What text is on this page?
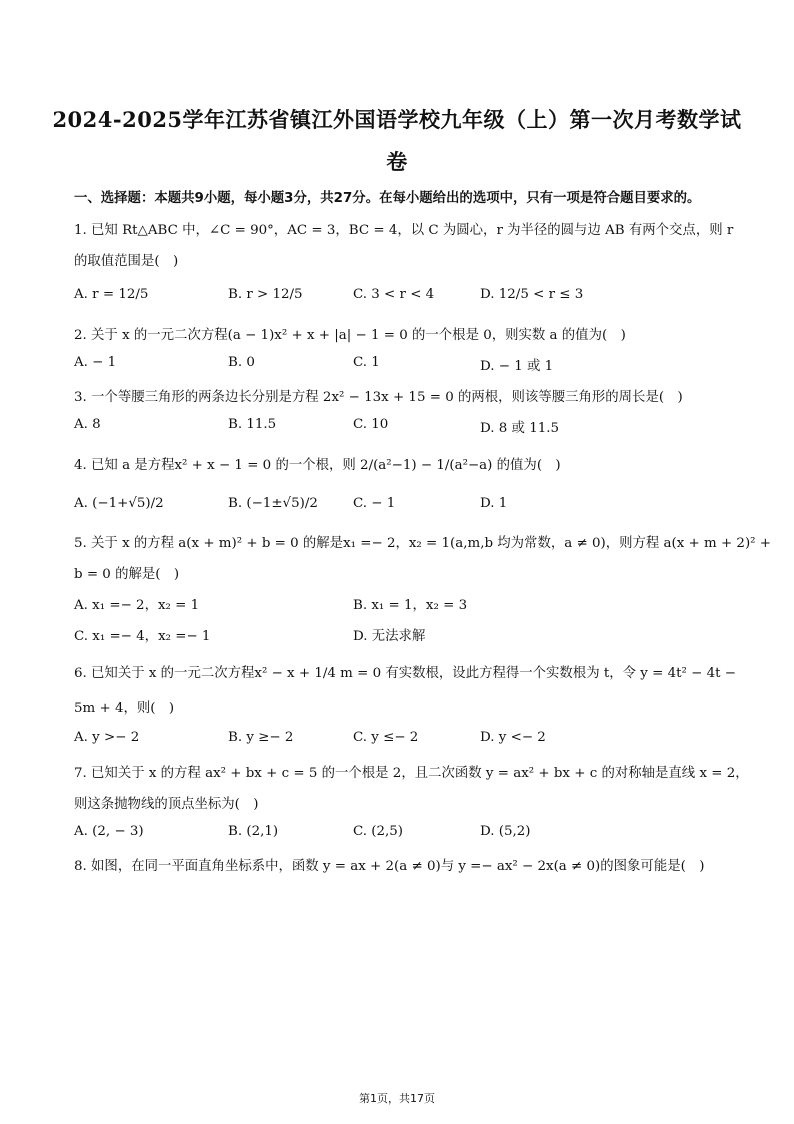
2024-2025学年江苏省镇江外国语学校九年级（上）第一次月考数学试
卷
一、选择题：本题共9小题，每小题3分，共27分。在每小题给出的选项中，只有一项是符合题目要求的。
1. 已知 Rt△ABC 中，∠C = 90°，AC = 3，BC = 4，以 C 为圆心，r 为半径的圆与边 AB 有两个交点，则 r
的取值范围是(　)
A. r = 12/5	B. r > 12/5	C. 3 < r < 4	D. 12/5 < r ≤ 3
2. 关于 x 的一元二次方程(a − 1)x² + x + |a| − 1 = 0 的一个根是 0，则实数 a 的值为(　)
A. − 1	B. 0	C. 1	D. − 1 或 1
3. 一个等腰三角形的两条边长分别是方程 2x² − 13x + 15 = 0 的两根，则该等腰三角形的周长是(　)
A. 8	B. 11.5	C. 10	D. 8 或 11.5
4. 已知 a 是方程x² + x − 1 = 0 的一个根，则 2/(a²−1) − 1/(a²−a) 的值为(　)
A. (−1+√5)/2	B. (−1±√5)/2	C. − 1	D. 1
5. 关于 x 的方程 a(x + m)² + b = 0 的解是x₁ =− 2，x₂ = 1(a,m,b 均为常数，a ≠ 0)，则方程 a(x + m + 2)² +
b = 0 的解是(　)
A. x₁ =− 2，x₂ = 1	B. x₁ = 1，x₂ = 3
C. x₁ =− 4，x₂ =− 1	D. 无法求解
6. 已知关于 x 的一元二次方程x² − x + 1/4 m = 0 有实数根，设此方程得一个实数根为 t，令 y = 4t² − 4t −
5m + 4，则(　)
A. y >− 2	B. y ≥− 2	C. y ≤− 2	D. y <− 2
7. 已知关于 x 的方程 ax² + bx + c = 5 的一个根是 2，且二次函数 y = ax² + bx + c 的对称轴是直线 x = 2，
则这条抛物线的顶点坐标为(　)
A. (2, − 3)	B. (2,1)	C. (2,5)	D. (5,2)
8. 如图，在同一平面直角坐标系中，函数 y = ax + 2(a ≠ 0)与 y =− ax² − 2x(a ≠ 0)的图象可能是(　)
第1页，共17页
